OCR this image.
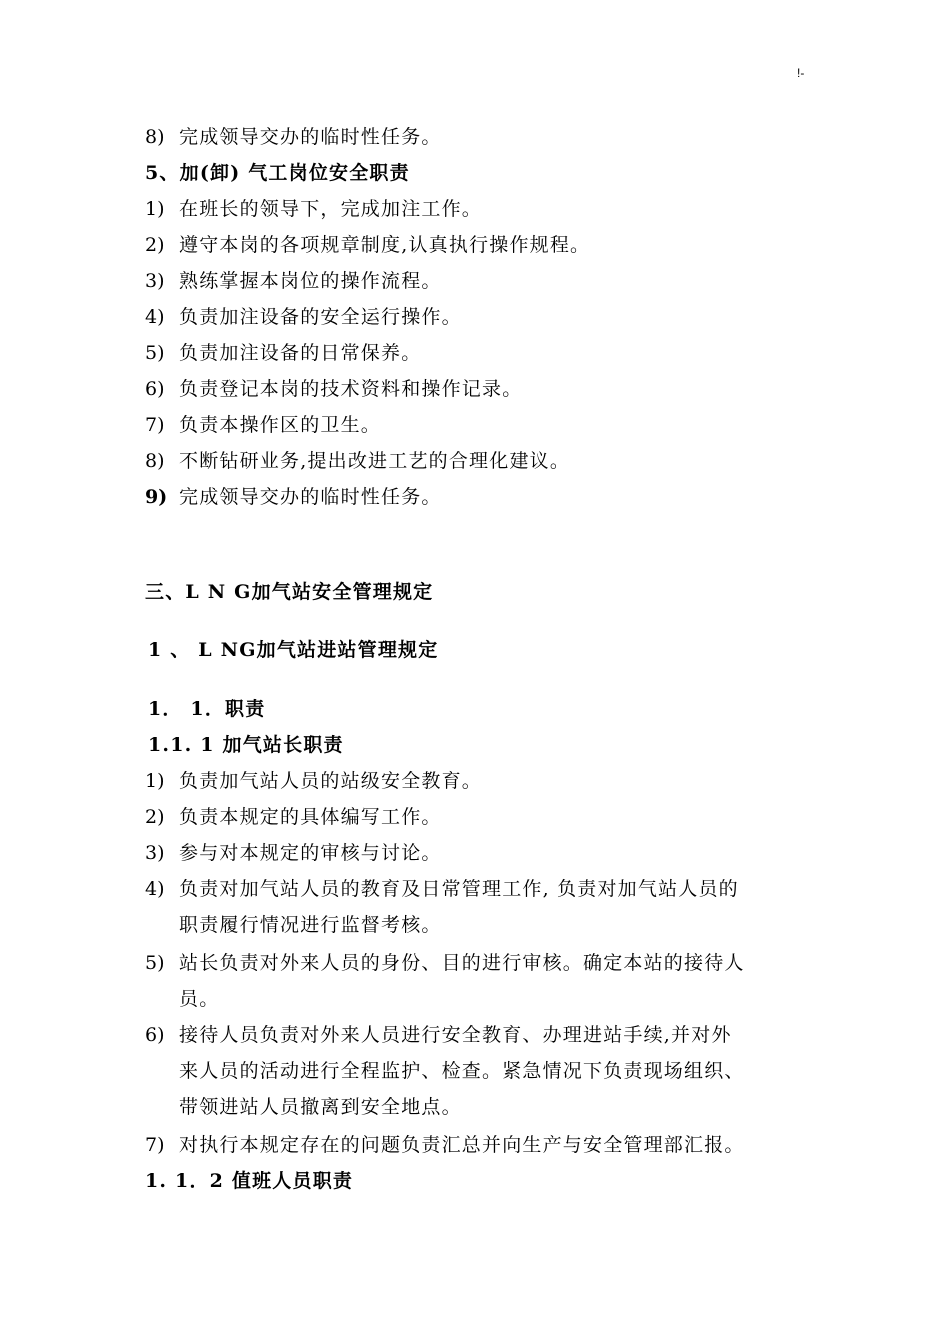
!-
8) 完成领导交办的临时性任务。
5、加(卸) 气工岗位安全职责
1) 在班长的领导下，完成加注工作。
2) 遵守本岗的各项规章制度,认真执行操作规程。
3) 熟练掌握本岗位的操作流程。
4) 负责加注设备的安全运行操作。
5) 负责加注设备的日常保养。
6) 负责登记本岗的技术资料和操作记录。
7) 负责本操作区的卫生。
8) 不断钻研业务,提出改进工艺的合理化建议。
9) 完成领导交办的临时性任务。
三、L N G加气站安全管理规定
1 、 L NG加气站进站管理规定
1． 1．职责
1.1. 1 加气站长职责
1) 负责加气站人员的站级安全教育。
2) 负责本规定的具体编写工作。
3) 参与对本规定的审核与讨论。
4) 负责对加气站人员的教育及日常管理工作, 负责对加气站人员的
职责履行情况进行监督考核。
5) 站长负责对外来人员的身份、目的进行审核。确定本站的接待人
员。
6) 接待人员负责对外来人员进行安全教育、办理进站手续,并对外
来人员的活动进行全程监护、检查。紧急情况下负责现场组织、
带领进站人员撤离到安全地点。
7) 对执行本规定存在的问题负责汇总并向生产与安全管理部汇报。
1. 1．2 值班人员职责
